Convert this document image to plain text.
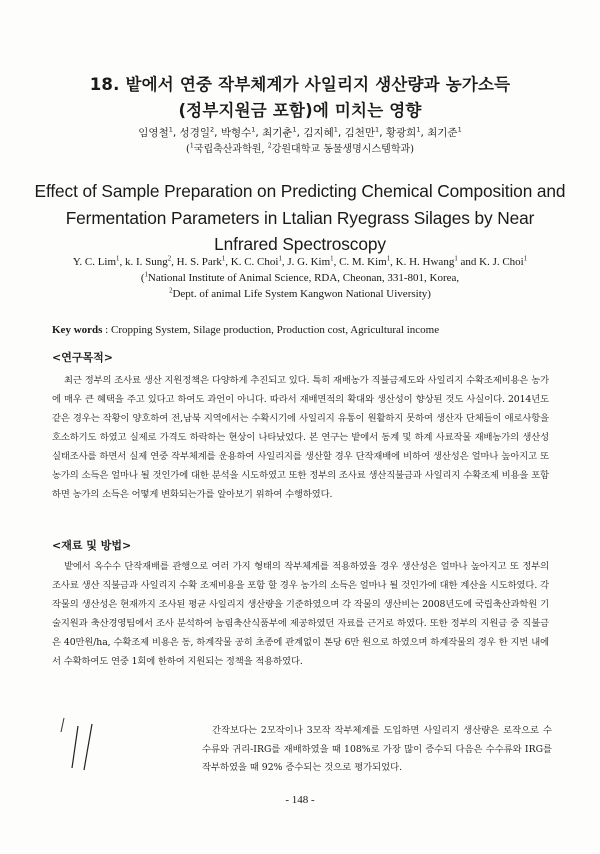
18. 밭에서 연중 작부체계가 사일리지 생산량과 농가소득
(정부지원금 포함)에 미치는 영향
임영철$^1$, 성경일$^2$, 박형수$^1$, 최기춘$^1$, 김지혜$^1$, 김천만$^1$, 황광희$^1$, 최기준$^1$
($^1$국립축산과학원, $^2$강원대학교 동물생명시스템학과)
Effect of Sample Preparation on Predicting Chemical Composition and
Fermentation Parameters in Ltalian Ryegrass Silages by Near
Lnfrared Spectroscopy
Y. C. Lim$^1$, k. I. Sung$^2$, H. S. Park$^1$, K. C. Choi$^1$, J. G. Kim$^1$, C. M. Kim$^1$, K. H. Hwang$^1$ and K. J. Choi$^1$
($^1$National Institute of Animal Science, RDA, Cheonan, 331-801, Korea,
$^2$Dept. of animal Life System Kangwon National Uiversity)
Key words : Cropping System, Silage production, Production cost, Agricultural income
<연구목적>
최근 정부의 조사료 생산 지원정책은 다양하게 추진되고 있다. 특히 재배농가 직불금제도와 사일리지 수확조제비용은 농가에 매우 큰 혜택을 주고 있다고 하여도 과언이 아니다. 따라서 재배면적의 확대와 생산성이 향상된 것도 사실이다. 2014년도 같은 경우는 작황이 양호하여 전,남북 지역에서는 수확시기에 사일리지 유통이 원활하지 못하여 생산자 단체들이 애로사항을 호소하기도 하였고 실제로 가격도 하락하는 현상이 나타났었다. 본 연구는 밭에서 동계 및 하계 사료작물 재배농가의 생산성 실태조사를 하면서 실제 연중 작부체계를 운용하여 사일리지를 생산할 경우 단작재배에 비하여 생산성은 얼마나 높아지고 또 농가의 소득은 얼마나 될 것인가에 대한 분석을 시도하였고 또한 정부의 조사료 생산직불금과 사일리지 수확조제 비용을 포함하면 농가의 소득은 어떻게 변화되는가를 알아보기 위하여 수행하였다.
<재료 및 방법>
밭에서 옥수수 단작재배를 관행으로 여러 가지 형태의 작부체계를 적용하였을 경우 생산성은 얼마나 높아지고 또 정부의 조사료 생산 직불금과 사일리지 수확 조제비용을 포함 할 경우 농가의 소득은 얼마나 될 것인가에 대한 계산을 시도하였다. 각 작물의 생산성은 현재까지 조사된 평균 사일리지 생산량을 기준하였으며 각 작물의 생산비는 2008년도에 국립축산과학원 기술지원과 축산경영팀에서 조사 분석하여 농림축산식품부에 제공하였던 자료를 근거로 하였다. 또한 정부의 지원금 중 직불금은 40만원/ha, 수확조제 비용은 동, 하계작물 공히 초종에 관계없이 톤당 6만 원으로 하였으며 하계작물의 경우 한 지번 내에서 수확하여도 연중 1회에 한하여 지원되는 정책을 적용하였다.
간작보다는 2모작이나 3모작 작부체계를 도입하면 사일리지 생산량은 로작으로 수수류와 귀리-IRG를 재배하였을 때 108%로 가장 많이 증수되 다음은 수수류와 IRG를 작부하였을 때 92% 증수되는 것으로 평가되었다.
- 148 -
